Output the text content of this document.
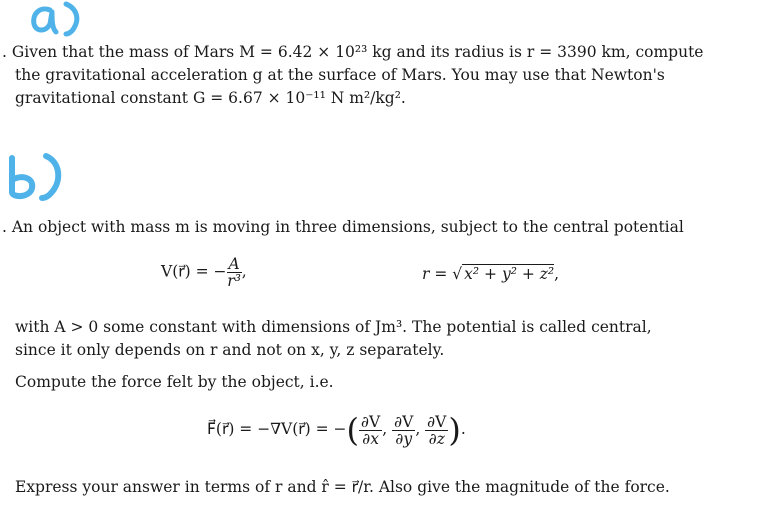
. Given that the mass of Mars M = 6.42 × 10²³ kg and its radius is r = 3390 km, compute
the gravitational acceleration g at the surface of Mars. You may use that Newton's
gravitational constant G = 6.67 × 10⁻¹¹ N m²/kg².
. An object with mass m is moving in three dimensions, subject to the central potential
V(r⃗) = − $\frac{A}{\text{r³}}$ ,	r = √ x² + y² + z²,
with A > 0 some constant with dimensions of Jm³. The potential is called central,
since it only depends on r and not on x, y, z separately.
Compute the force felt by the object, i.e.
F⃗(r⃗) = −∇V(r⃗) = −( $\frac{\partial V}{\partial x}$ , $\frac{\partial V}{\partial y}$ , $\frac{\partial V}{\partial z}$ ).
Express your answer in terms of r and r̂ = r⃗/r. Also give the magnitude of the force.
